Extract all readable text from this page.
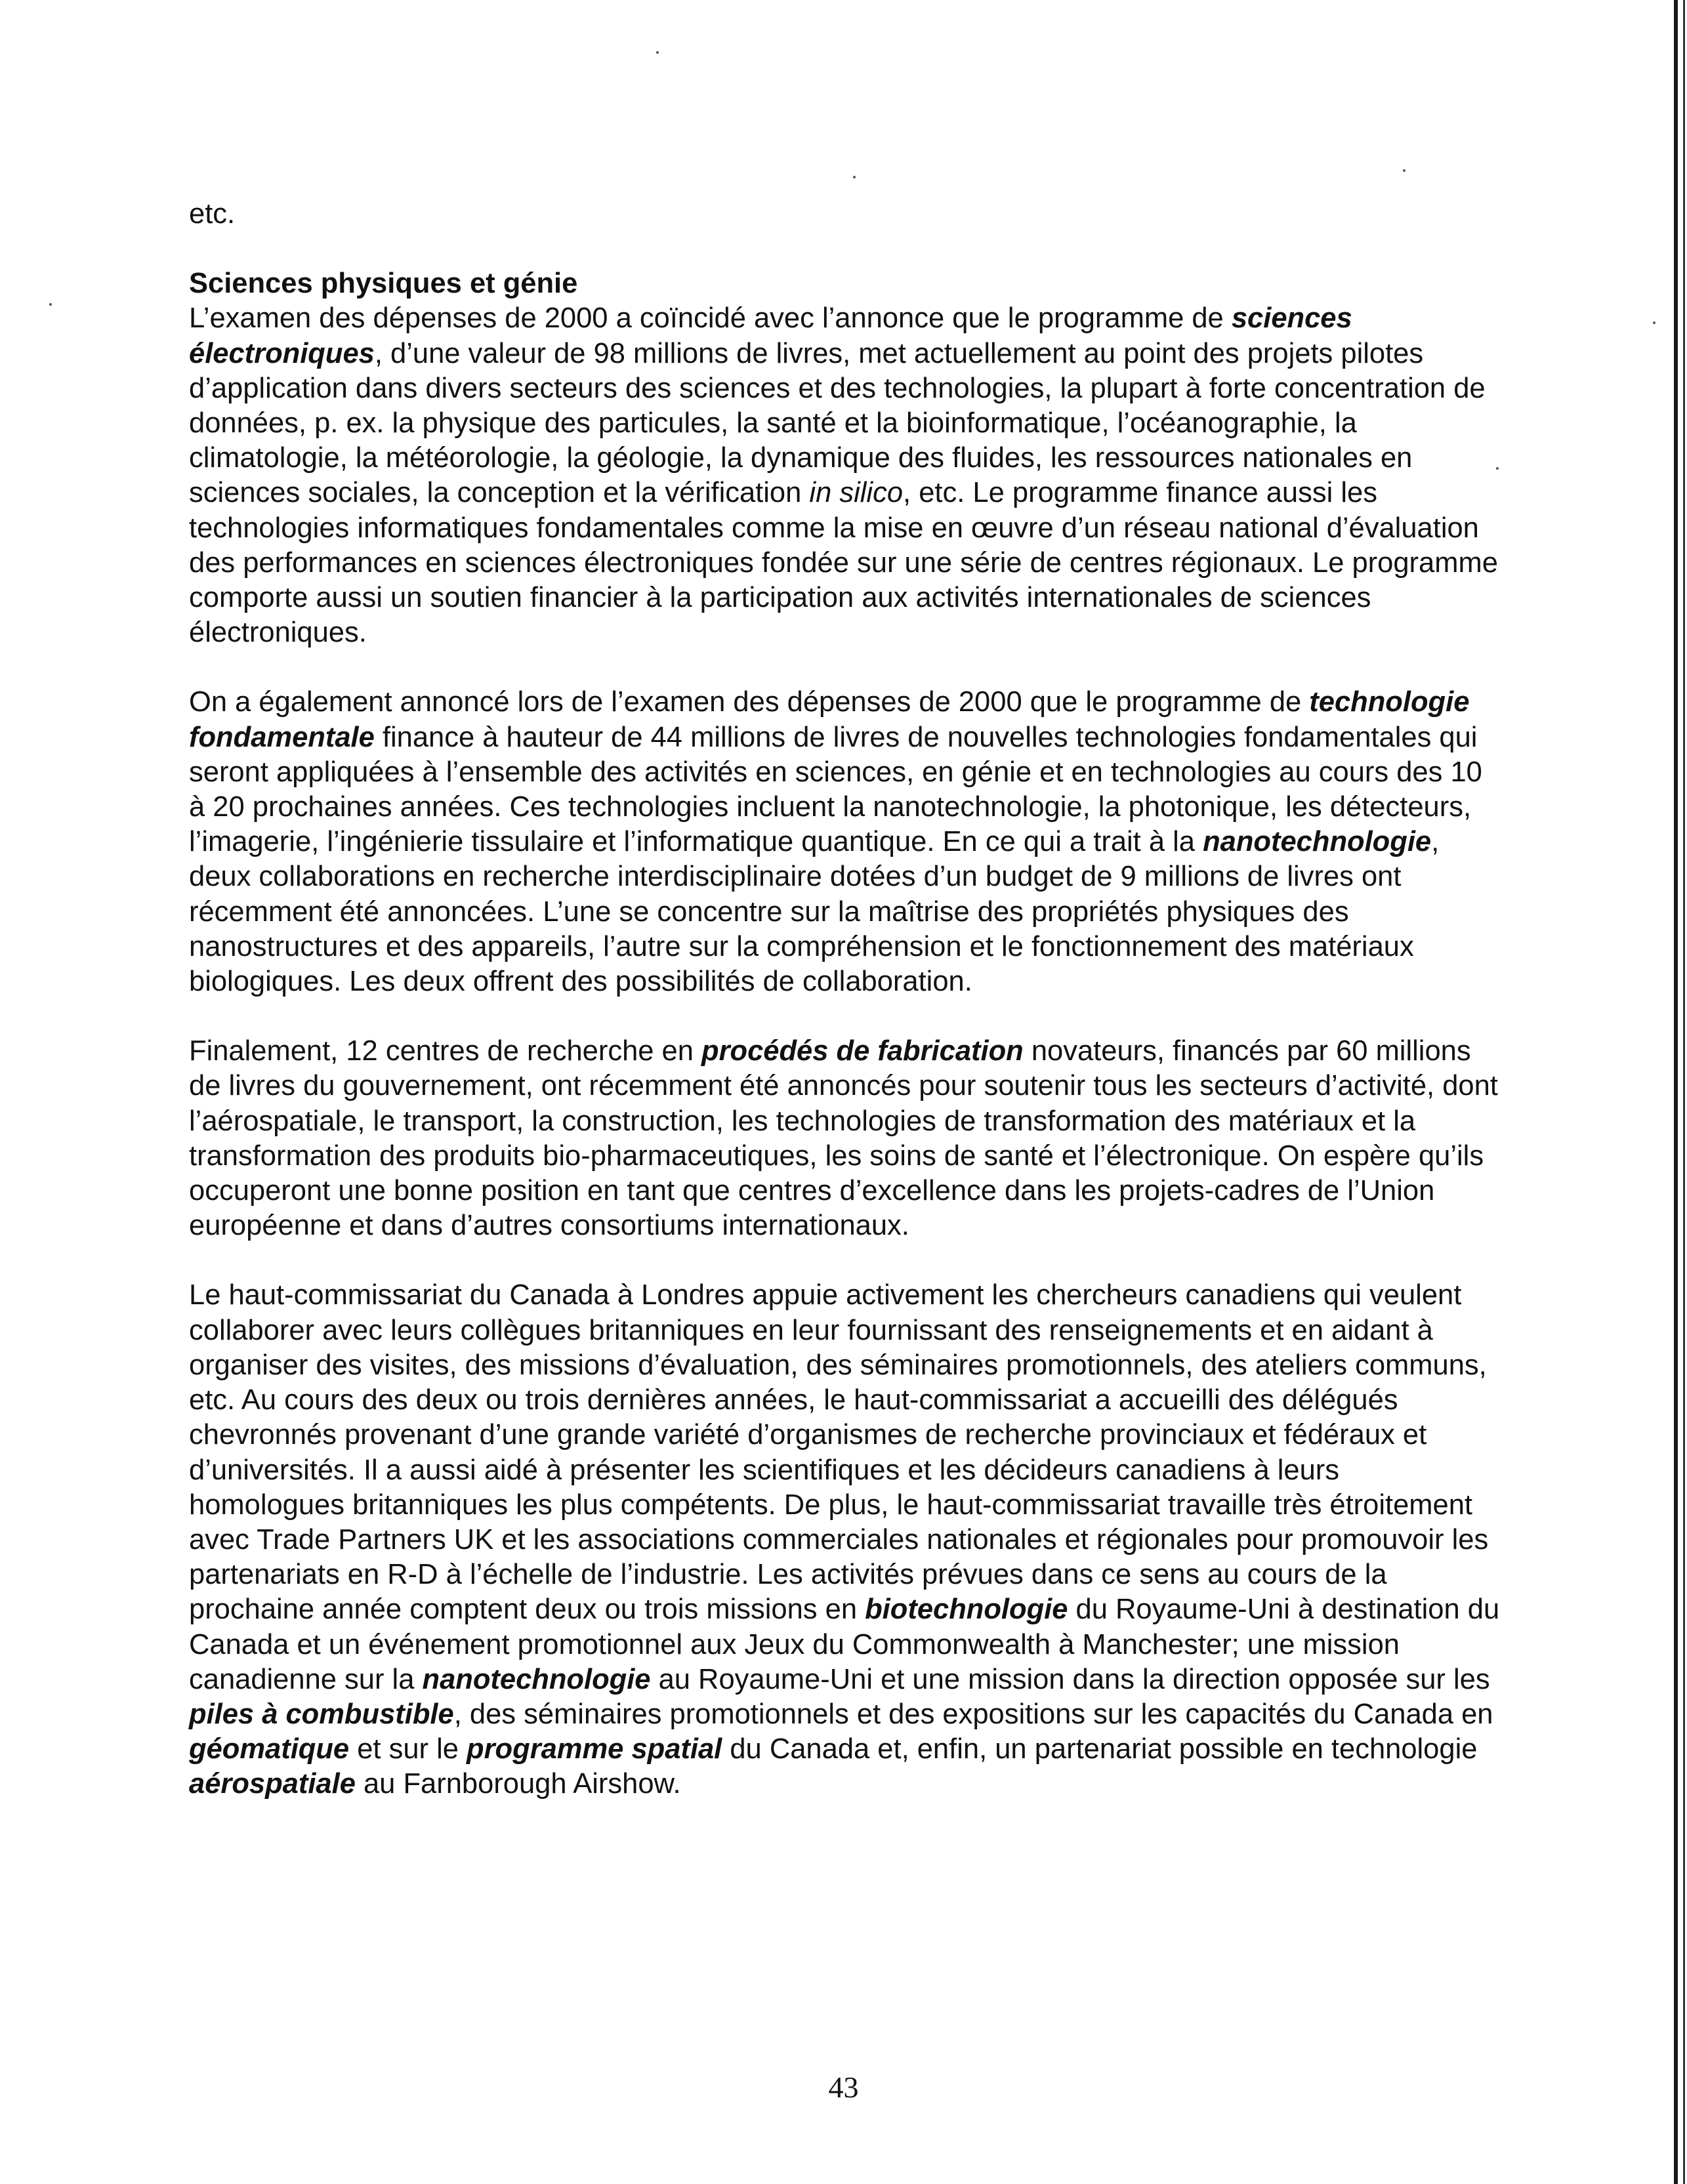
etc.

Sciences physiques et génie

L’examen des dépenses de 2000 a coïncidé avec l’annonce que le programme de sciences électroniques, d’une valeur de 98 millions de livres, met actuellement au point des projets pilotes d’application dans divers secteurs des sciences et des technologies, la plupart à forte concentration de données, p. ex. la physique des particules, la santé et la bioinformatique, l’océanographie, la climatologie, la météorologie, la géologie, la dynamique des fluides, les ressources nationales en sciences sociales, la conception et la vérification in silico, etc. Le programme finance aussi les technologies informatiques fondamentales comme la mise en œuvre d’un réseau national d’évaluation des performances en sciences électroniques fondée sur une série de centres régionaux. Le programme comporte aussi un soutien financier à la participation aux activités internationales de sciences électroniques.

On a également annoncé lors de l’examen des dépenses de 2000 que le programme de technologie fondamentale finance à hauteur de 44 millions de livres de nouvelles technologies fondamentales qui seront appliquées à l’ensemble des activités en sciences, en génie et en technologies au cours des 10 à 20 prochaines années. Ces technologies incluent la nanotechnologie, la photonique, les détecteurs, l’imagerie, l’ingénierie tissulaire et l’informatique quantique. En ce qui a trait à la nanotechnologie, deux collaborations en recherche interdisciplinaire dotées d’un budget de 9 millions de livres ont récemment été annoncées. L’une se concentre sur la maîtrise des propriétés physiques des nanostructures et des appareils, l’autre sur la compréhension et le fonctionnement des matériaux biologiques. Les deux offrent des possibilités de collaboration.

Finalement, 12 centres de recherche en procédés de fabrication novateurs, financés par 60 millions de livres du gouvernement, ont récemment été annoncés pour soutenir tous les secteurs d’activité, dont l’aérospatiale, le transport, la construction, les technologies de transformation des matériaux et la transformation des produits bio-pharmaceutiques, les soins de santé et l’électronique. On espère qu’ils occuperont une bonne position en tant que centres d’excellence dans les projets-cadres de l’Union européenne et dans d’autres consortiums internationaux.

Le haut-commissariat du Canada à Londres appuie activement les chercheurs canadiens qui veulent collaborer avec leurs collègues britanniques en leur fournissant des renseignements et en aidant à organiser des visites, des missions d’évaluation, des séminaires promotionnels, des ateliers communs, etc. Au cours des deux ou trois dernières années, le haut-commissariat a accueilli des délégués chevronnés provenant d’une grande variété d’organismes de recherche provinciaux et fédéraux et d’universités. Il a aussi aidé à présenter les scientifiques et les décideurs canadiens à leurs homologues britanniques les plus compétents. De plus, le haut-commissariat travaille très étroitement avec Trade Partners UK et les associations commerciales nationales et régionales pour promouvoir les partenariats en R-D à l’échelle de l’industrie. Les activités prévues dans ce sens au cours de la prochaine année comptent deux ou trois missions en biotechnologie du Royaume-Uni à destination du Canada et un événement promotionnel aux Jeux du Commonwealth à Manchester; une mission canadienne sur la nanotechnologie au Royaume-Uni et une mission dans la direction opposée sur les piles à combustible, des séminaires promotionnels et des expositions sur les capacités du Canada en géomatique et sur le programme spatial du Canada et, enfin, un partenariat possible en technologie aérospatiale au Farnborough Airshow.

43
